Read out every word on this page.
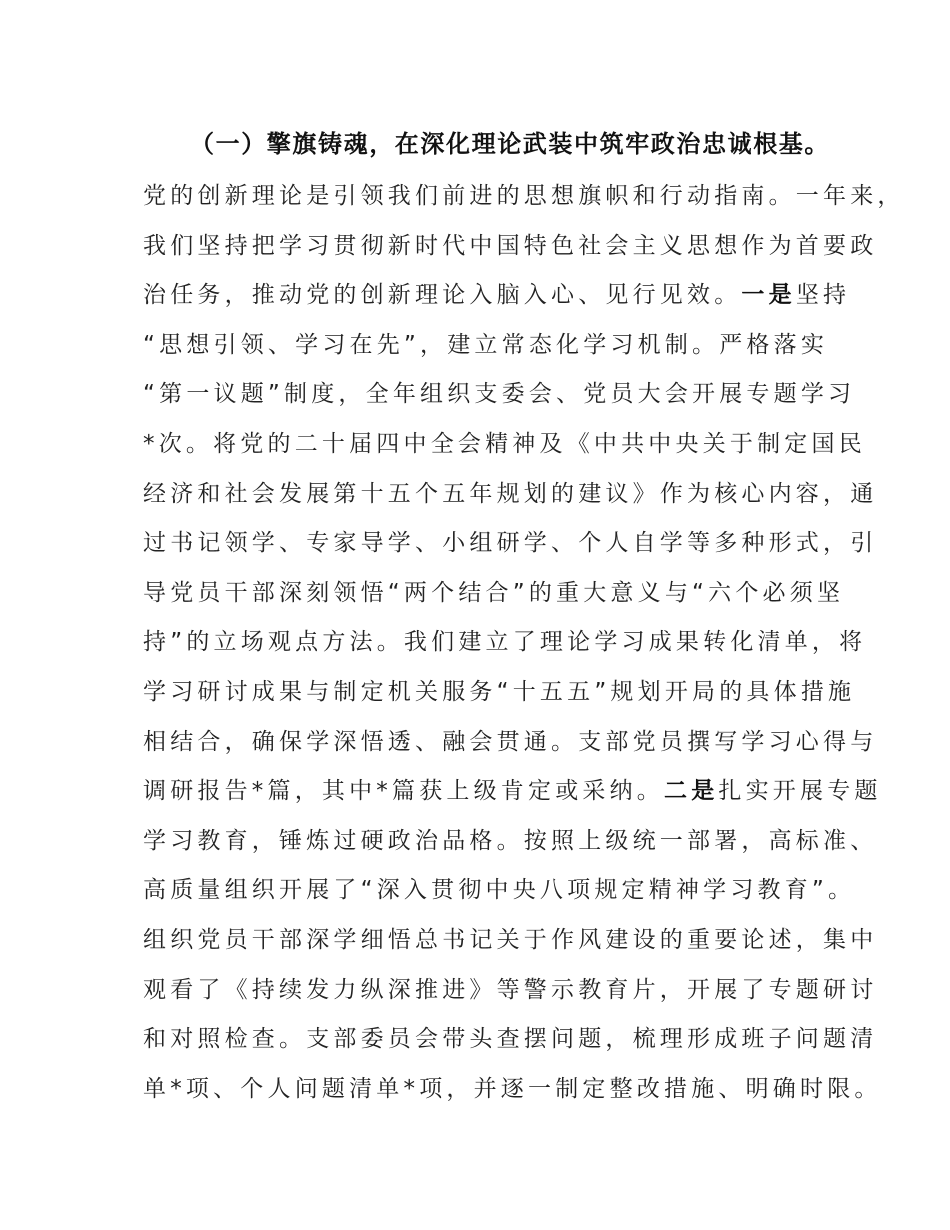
（一）擎旗铸魂，在深化理论武装中筑牢政治忠诚根基。
党的创新理论是引领我们前进的思想旗帜和行动指南。一年来，
我们坚持把学习贯彻新时代中国特色社会主义思想作为首要政
治任务，推动党的创新理论入脑入心、见行见效。一是坚持
“思想引领、学习在先”，建立常态化学习机制。严格落实
“第一议题”制度，全年组织支委会、党员大会开展专题学习
*次。将党的二十届四中全会精神及《中共中央关于制定国民
经济和社会发展第十五个五年规划的建议》作为核心内容，通
过书记领学、专家导学、小组研学、个人自学等多种形式，引
导党员干部深刻领悟“两个结合”的重大意义与“六个必须坚
持”的立场观点方法。我们建立了理论学习成果转化清单，将
学习研讨成果与制定机关服务“十五五”规划开局的具体措施
相结合，确保学深悟透、融会贯通。支部党员撰写学习心得与
调研报告*篇，其中*篇获上级肯定或采纳。二是扎实开展专题
学习教育，锤炼过硬政治品格。按照上级统一部署，高标准、
高质量组织开展了“深入贯彻中央八项规定精神学习教育”。
组织党员干部深学细悟总书记关于作风建设的重要论述，集中
观看了《持续发力纵深推进》等警示教育片，开展了专题研讨
和对照检查。支部委员会带头查摆问题，梳理形成班子问题清
单*项、个人问题清单*项，并逐一制定整改措施、明确时限。
